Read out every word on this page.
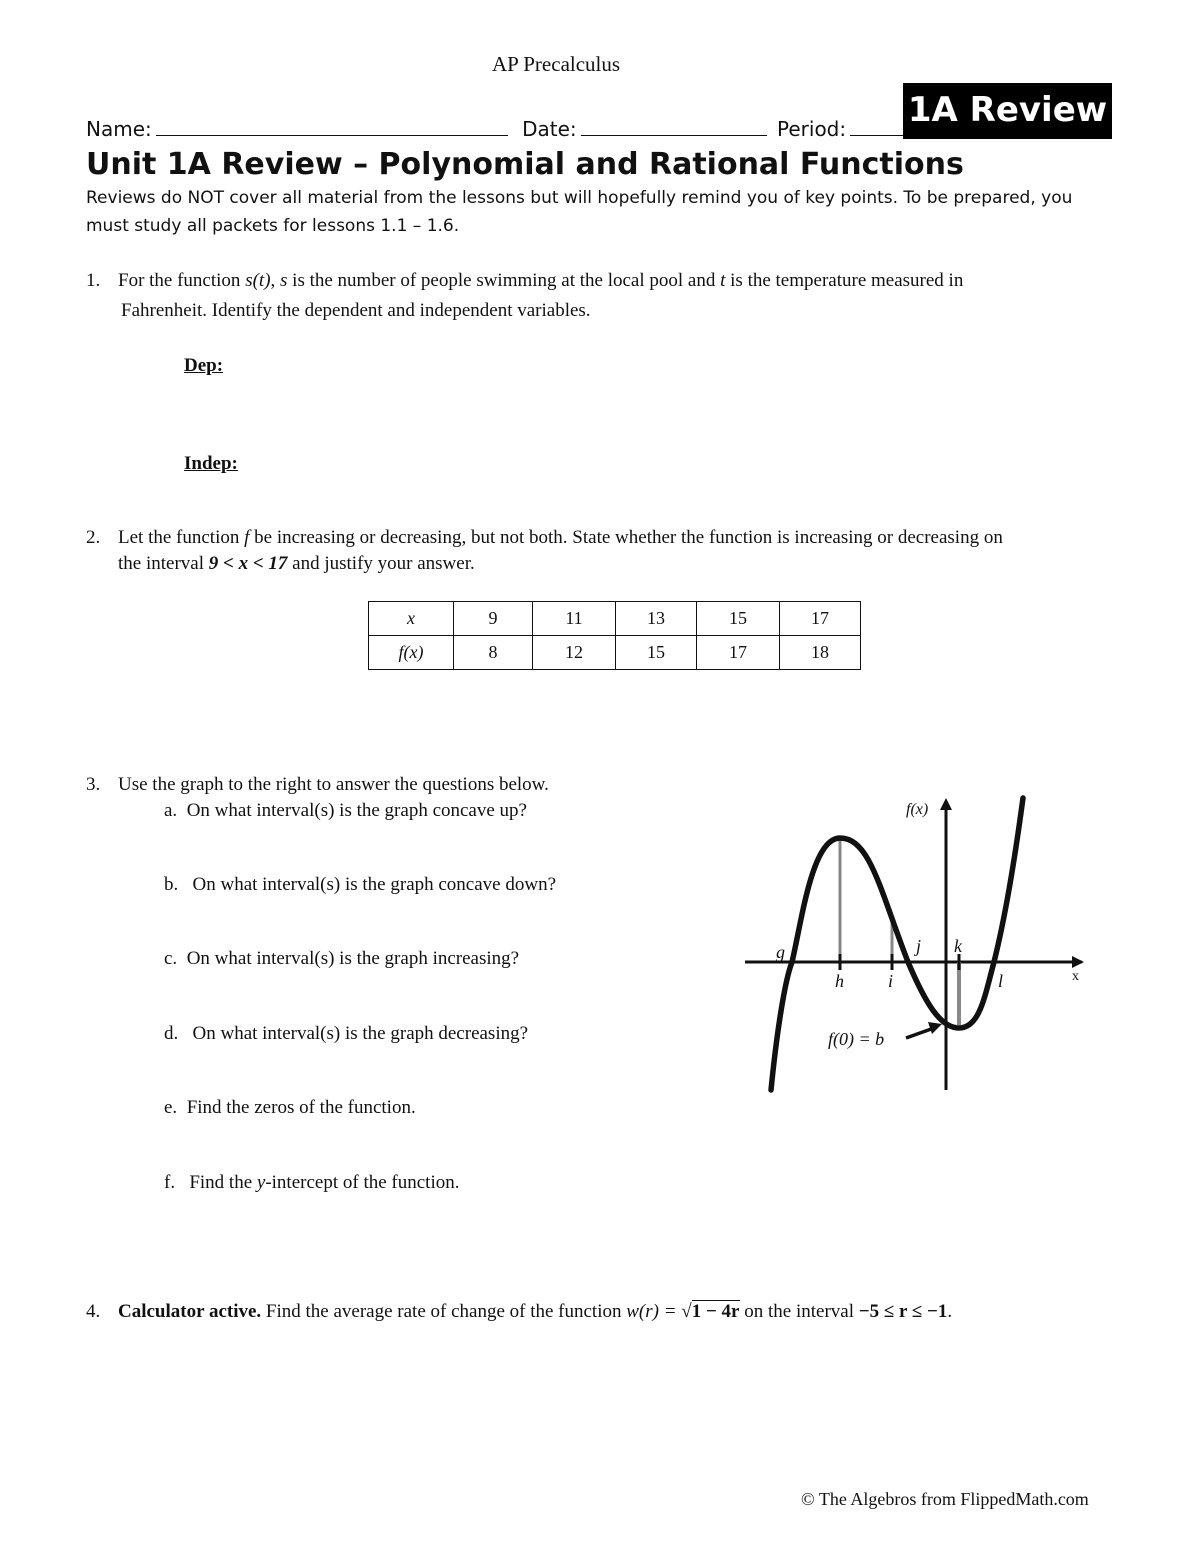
AP Precalculus
Name:	Date:	Period:	1A Review
Unit 1A Review – Polynomial and Rational Functions
Reviews do NOT cover all material from the lessons but will hopefully remind you of key points. To be prepared, you
must study all packets for lessons 1.1 – 1.6.
1. For the function s(t), s is the number of people swimming at the local pool and t is the temperature measured in
Fahrenheit. Identify the dependent and independent variables.
Dep:
Indep:
2. Let the function f be increasing or decreasing, but not both. State whether the function is increasing or decreasing on
the interval 9 < x < 17 and justify your answer.
x	9	11	13	15	17
f(x)	8	12	15	17	18
3. Use the graph to the right to answer the questions below.
a. On what interval(s) is the graph concave up?
b. On what interval(s) is the graph concave down?
c. On what interval(s) is the graph increasing?
d. On what interval(s) is the graph decreasing?
e. Find the zeros of the function.
f. Find the y-intercept of the function.
f(x)
x
g
h i
j k
l
f(0) = b
4. Calculator active. Find the average rate of change of the function w(r) = √1 − 4r on the interval −5 ≤ r ≤ −1.
© The Algebros from FlippedMath.com
